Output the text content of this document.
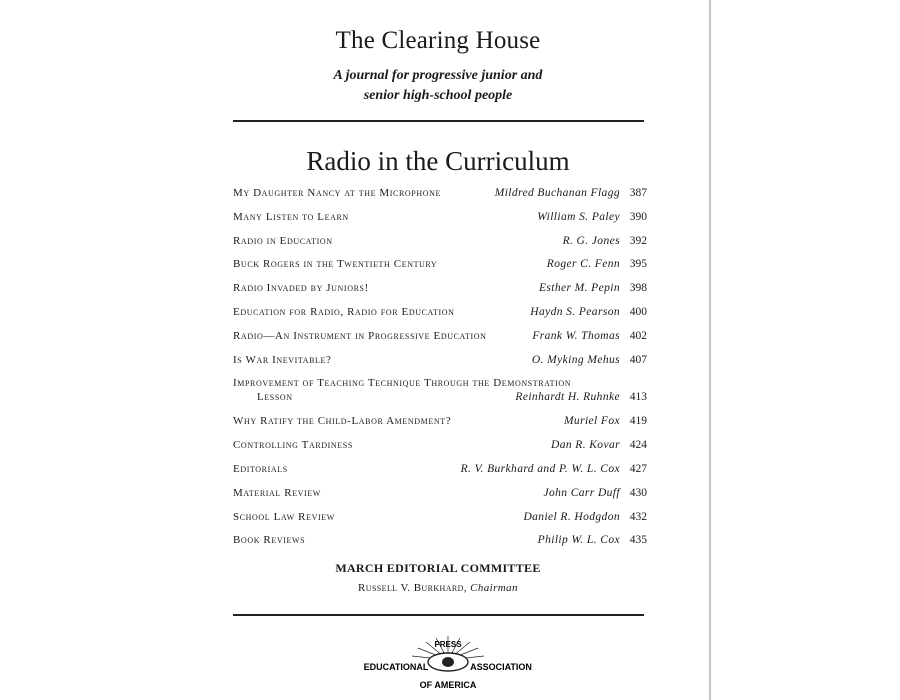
The Clearing House
A journal for progressive junior and
senior high-school people
Radio in the Curriculum
My Daughter Nancy at the Microphone	Mildred Buchanan Flagg 387
Many Listen to Learn	William S. Paley 390
Radio in Education	R. G. Jones 392
Buck Rogers in the Twentieth Century	Roger C. Fenn 395
Radio Invaded by Juniors!	Esther M. Pepin 398
Education for Radio, Radio for Education	Haydn S. Pearson 400
Radio—An Instrument in Progressive Education	Frank W. Thomas 402
Is War Inevitable?	O. Myking Mehus 407
Improvement of Teaching Technique Through the Demonstration
Lesson	Reinhardt H. Ruhnke 413
Why Ratify the Child-Labor Amendment?	Muriel Fox 419
Controlling Tardiness	Dan R. Kovar 424
Editorials	R. V. Burkhard and P. W. L. Cox 427
Material Review	John Carr Duff 430
School Law Review	Daniel R. Hodgdon 432
Book Reviews	Philip W. L. Cox 435
MARCH EDITORIAL COMMITTEE
Russell V. Burkhard, Chairman
EDUCATIONAL
PRESS
ASSOCIATION
OF AMERICA
